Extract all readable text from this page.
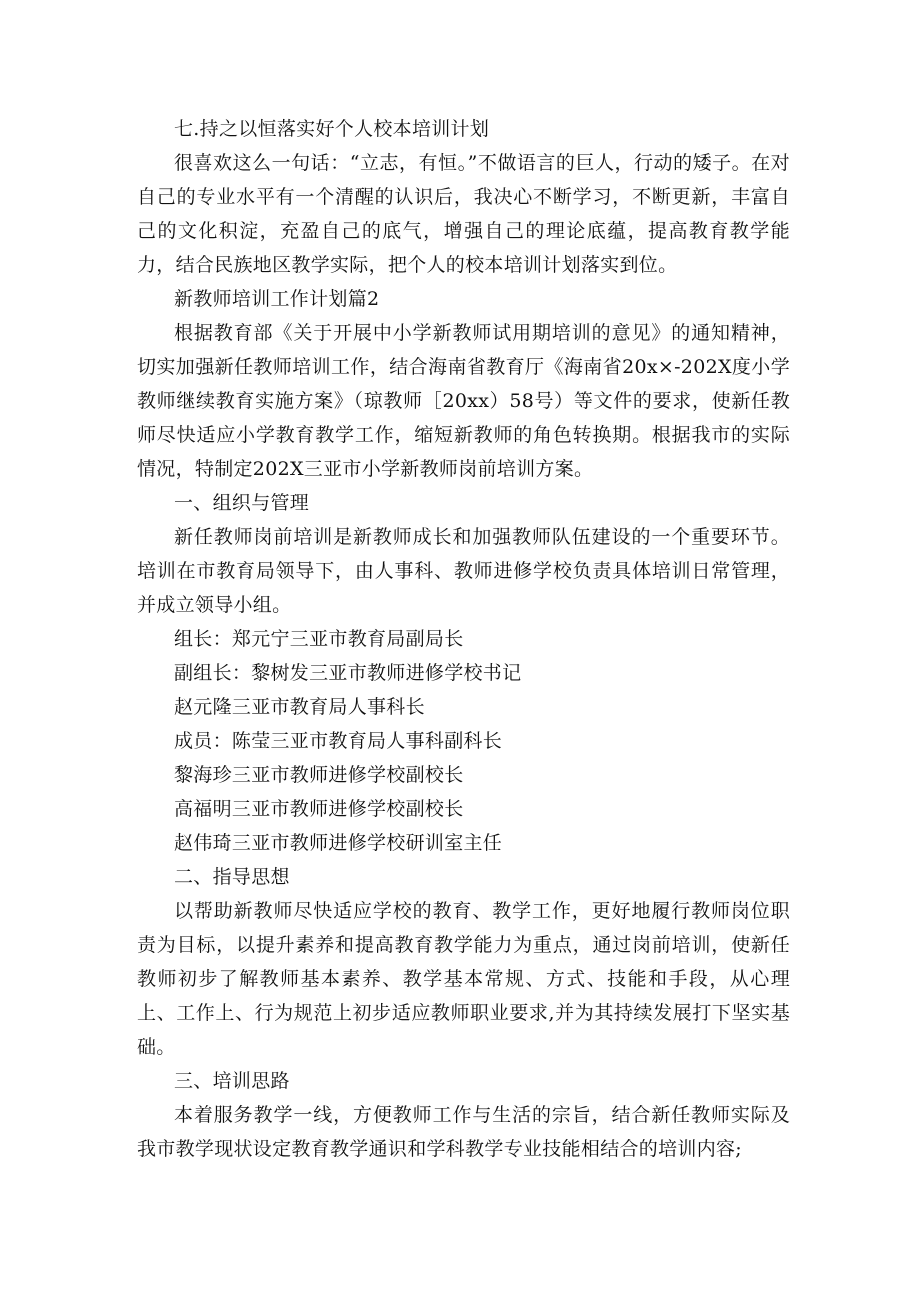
七.持之以恒落实好个人校本培训计划

很喜欢这么一句话：“立志，有恒。”不做语言的巨人，行动的矮子。在对自己的专业水平有一个清醒的认识后，我决心不断学习，不断更新，丰富自己的文化积淀，充盈自己的底气，增强自己的理论底蕴，提高教育教学能力，结合民族地区教学实际，把个人的校本培训计划落实到位。

新教师培训工作计划篇2

根据教育部《关于开展中小学新教师试用期培训的意见》的通知精神，切实加强新任教师培训工作，结合海南省教育厅《海南省20x×-202X度小学教师继续教育实施方案》（琼教师［20xx）58号）等文件的要求，使新任教师尽快适应小学教育教学工作，缩短新教师的角色转换期。根据我市的实际情况，特制定202X三亚市小学新教师岗前培训方案。

一、组织与管理

新任教师岗前培训是新教师成长和加强教师队伍建设的一个重要环节。培训在市教育局领导下，由人事科、教师进修学校负责具体培训日常管理，并成立领导小组。

组长：郑元宁三亚市教育局副局长

副组长：黎树发三亚市教师进修学校书记

赵元隆三亚市教育局人事科长

成员：陈莹三亚市教育局人事科副科长

黎海珍三亚市教师进修学校副校长

高福明三亚市教师进修学校副校长

赵伟琦三亚市教师进修学校研训室主任

二、指导思想

以帮助新教师尽快适应学校的教育、教学工作，更好地履行教师岗位职责为目标，以提升素养和提高教育教学能力为重点，通过岗前培训，使新任教师初步了解教师基本素养、教学基本常规、方式、技能和手段，从心理上、工作上、行为规范上初步适应教师职业要求,并为其持续发展打下坚实基础。

三、培训思路

本着服务教学一线，方便教师工作与生活的宗旨，结合新任教师实际及我市教学现状设定教育教学通识和学科教学专业技能相结合的培训内容;
